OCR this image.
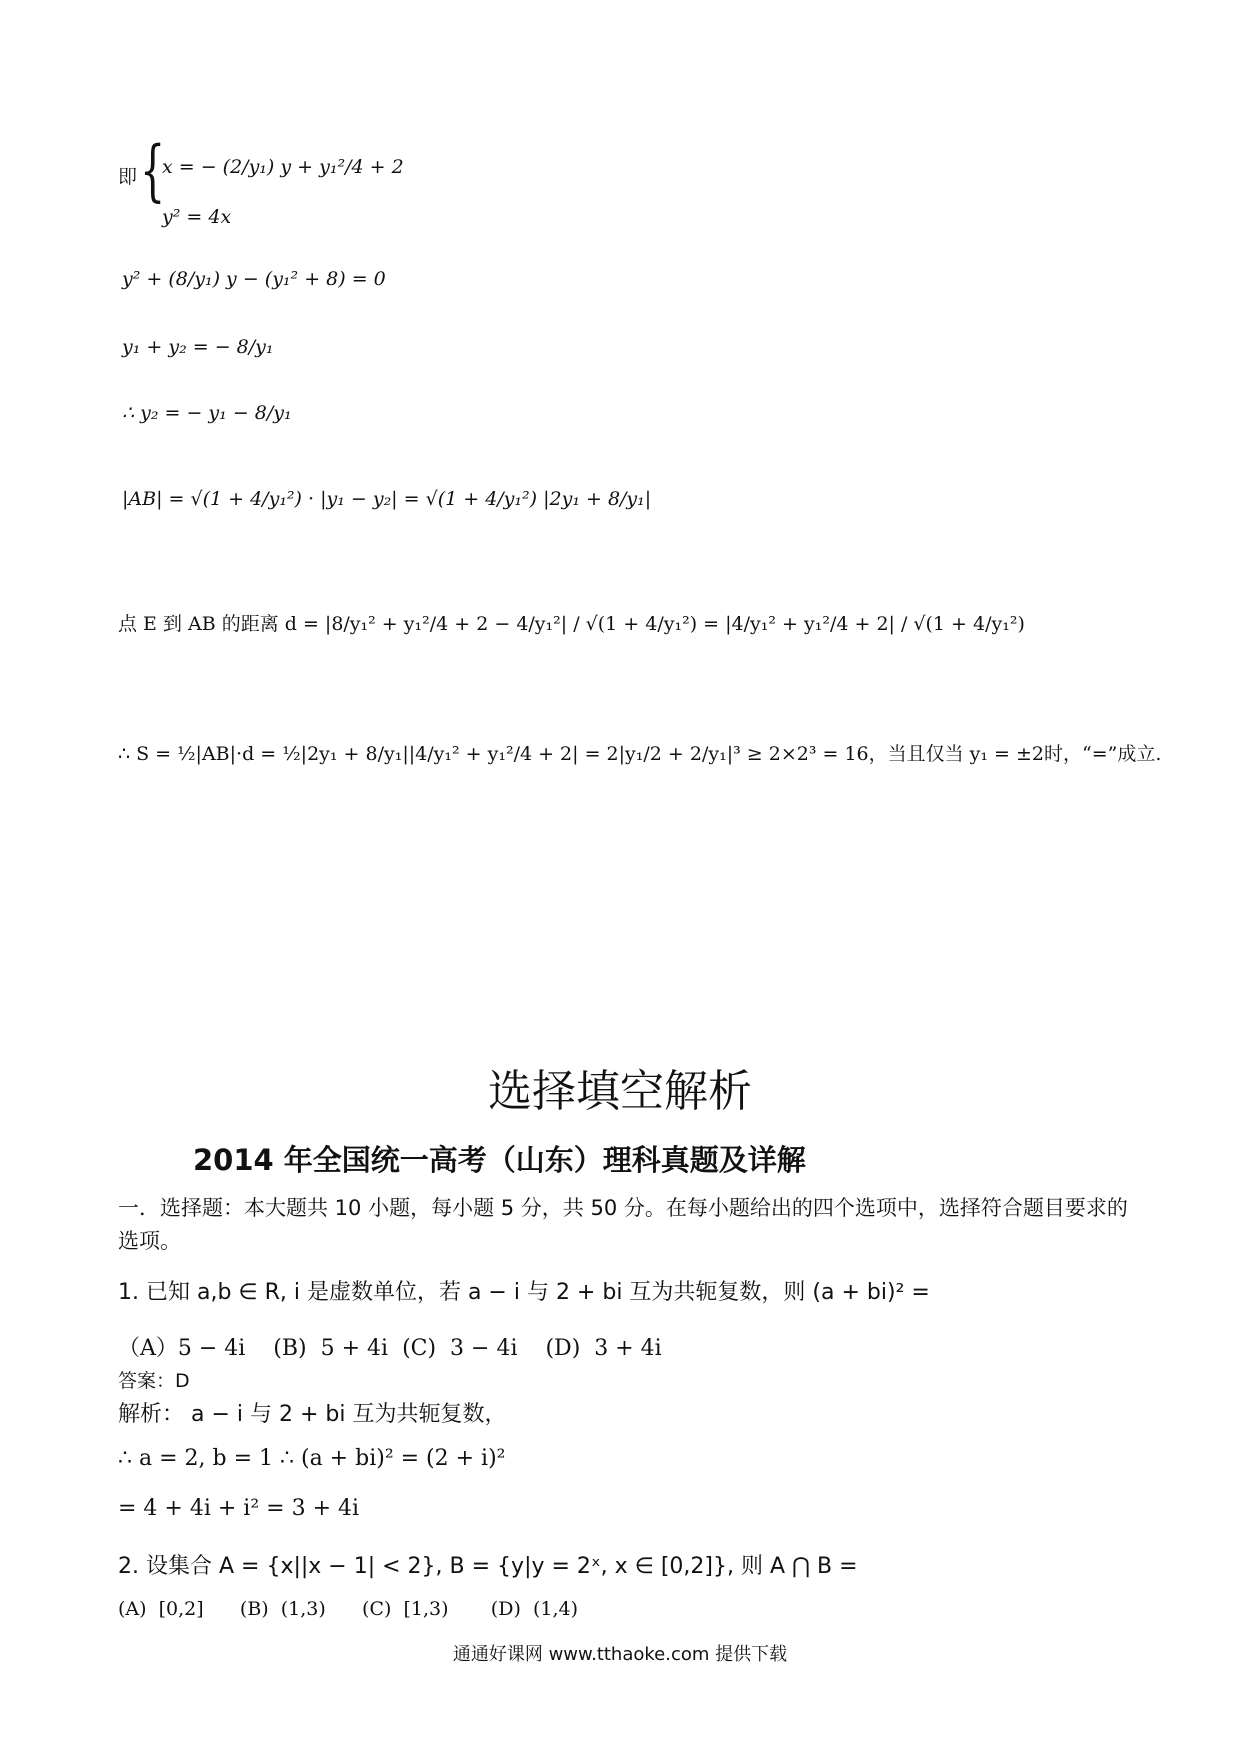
即 {
x = − (2/y₁) y + y₁²/4 + 2
y² = 4x
y² + (8/y₁) y − (y₁² + 8) = 0
y₁ + y₂ = − 8/y₁
∴ y₂ = − y₁ − 8/y₁
|AB| = √(1 + 4/y₁²) · |y₁ − y₂| = √(1 + 4/y₁²) |2y₁ + 8/y₁|
点 E 到 AB 的距离 d = |8/y₁² + y₁²/4 + 2 − 4/y₁²| / √(1 + 4/y₁²) = |4/y₁² + y₁²/4 + 2| / √(1 + 4/y₁²)
∴ S = ½|AB|·d = ½|2y₁ + 8/y₁||4/y₁² + y₁²/4 + 2| = 2|y₁/2 + 2/y₁|³ ≥ 2×2³ = 16，当且仅当 y₁ = ±2时，“=”成立.
选择填空解析
2014 年全国统一高考（山东）理科真题及详解
一．选择题：本大题共 10 小题，每小题 5 分，共 50 分。在每小题给出的四个选项中，选择符合题目要求的选项。
1. 已知 a,b ∈ R, i 是虚数单位，若 a − i 与 2 + bi 互为共轭复数，则 (a + bi)² =
（A）5 − 4i    (B)  5 + 4i  (C)  3 − 4i    (D)  3 + 4i
答案：D
解析： a − i 与 2 + bi 互为共轭复数，
∴ a = 2, b = 1 ∴ (a + bi)² = (2 + i)²
= 4 + 4i + i² = 3 + 4i
2. 设集合 A = {x||x − 1| < 2}, B = {y|y = 2ˣ, x ∈ [0,2]}, 则 A ⋂ B =
(A)  [0,2]      (B)  (1,3)      (C)  [1,3)       (D)  (1,4)
通通好课网 www.tthaoke.com 提供下载
